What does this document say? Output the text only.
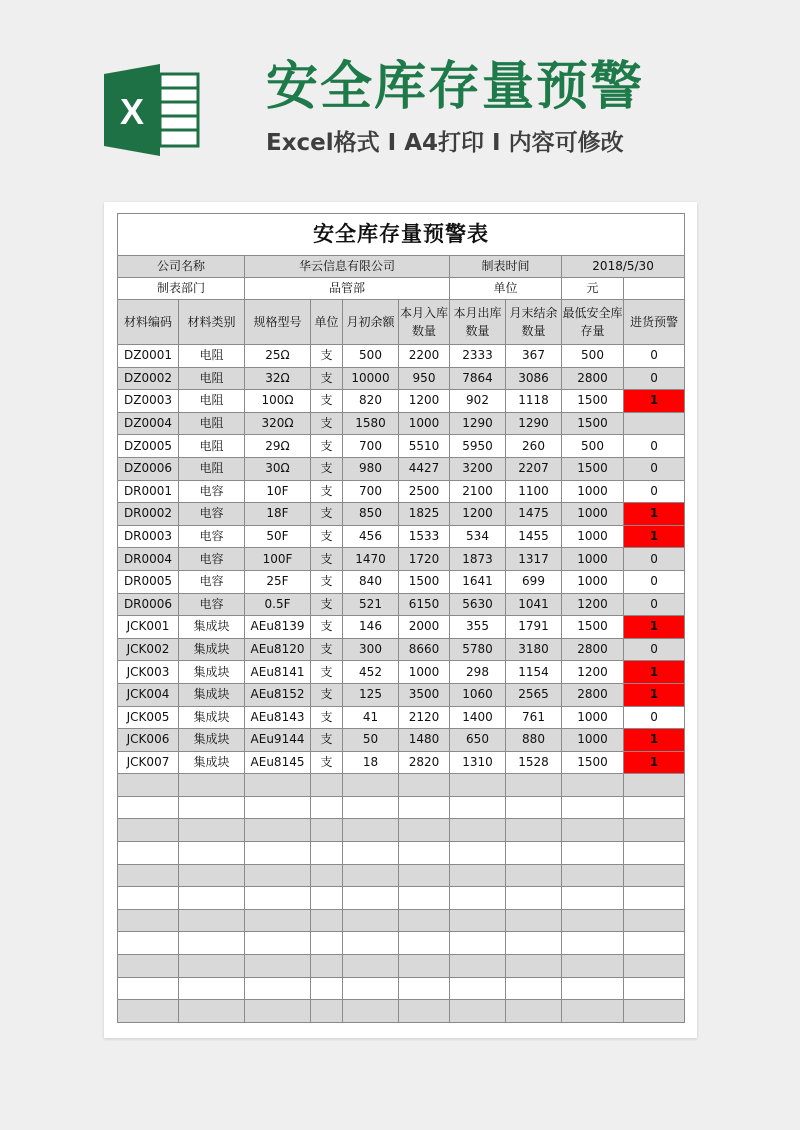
X 安全库存量预警
Excel格式 I A4打印 I 内容可修改
安全库存量预警表									
公司名称		华云信息有限公司				制表时间		2018/5/30	
制表部门		品管部				单位		元	
材料编码	材料类别	规格型号	单位	月初余额	本月入库数量	本月出库数量	月末结余数量	最低安全库存量	进货预警
DZ0001	电阻	25Ω	支	500	2200	2333	367	500	0
DZ0002	电阻	32Ω	支	10000	950	7864	3086	2800	0
DZ0003	电阻	100Ω	支	820	1200	902	1118	1500	1
DZ0004	电阻	320Ω	支	1580	1000	1290	1290	1500	
DZ0005	电阻	29Ω	支	700	5510	5950	260	500	0
DZ0006	电阻	30Ω	支	980	4427	3200	2207	1500	0
DR0001	电容	10F	支	700	2500	2100	1100	1000	0
DR0002	电容	18F	支	850	1825	1200	1475	1000	1
DR0003	电容	50F	支	456	1533	534	1455	1000	1
DR0004	电容	100F	支	1470	1720	1873	1317	1000	0
DR0005	电容	25F	支	840	1500	1641	699	1000	0
DR0006	电容	0.5F	支	521	6150	5630	1041	1200	0
JCK001	集成块	AEu8139	支	146	2000	355	1791	1500	1
JCK002	集成块	AEu8120	支	300	8660	5780	3180	2800	0
JCK003	集成块	AEu8141	支	452	1000	298	1154	1200	1
JCK004	集成块	AEu8152	支	125	3500	1060	2565	2800	1
JCK005	集成块	AEu8143	支	41	2120	1400	761	1000	0
JCK006	集成块	AEu9144	支	50	1480	650	880	1000	1
JCK007	集成块	AEu8145	支	18	2820	1310	1528	1500	1
